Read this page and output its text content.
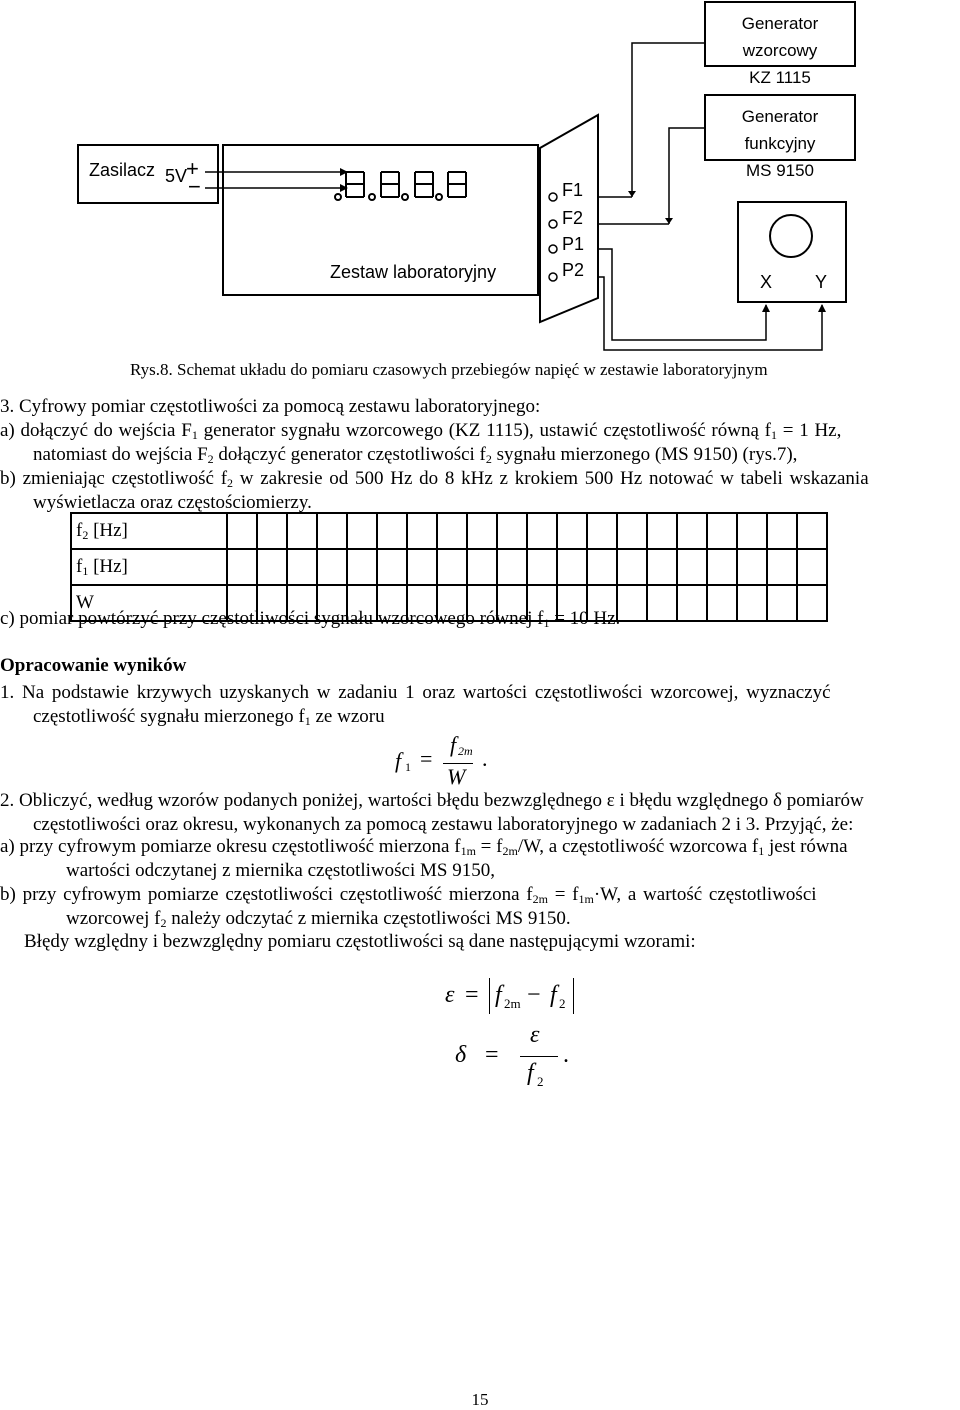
Zasilacz 5V
+
−
Zestaw laboratoryjny
F1
F2
P1
P2
Generator wzorcowy
KZ 1115
Generator funkcyjny
MS 9150
X Y
Rys.8. Schemat układu do pomiaru czasowych przebiegów napięć w zestawie laboratoryjnym
3. Cyfrowy pomiar częstotliwości za pomocą zestawu laboratoryjnego:
a) dołączyć do wejścia $F_1$ generator sygnału wzorcowego (KZ 1115), ustawić częstotliwość równą $f_1 = 1$ Hz,
natomiast do wejścia $F_2$ dołączyć generator częstotliwości $f_2$ sygnału mierzonego (MS 9150) (rys.7),
b) zmieniając częstotliwość $f_2$ w zakresie od 500 Hz do 8 kHz z krokiem 500 Hz notować w tabeli wskazania
wyświetlacza oraz częstościomierzy.
$f_2$ [Hz]																				
$f_1$ [Hz]																				
W																				
c) pomiar powtórzyć przy częstotliwości sygnału wzorcowego równej $f_1 = 10$ Hz.
Opracowanie wyników
1. Na podstawie krzywych uzyskanych w zadaniu 1 oraz wartości częstotliwości wzorcowej, wyznaczyć
częstotliwość sygnału mierzonego $f_1$ ze wzoru
f 1 =
f 2m
W
.
2. Obliczyć, według wzorów podanych poniżej, wartości błędu bezwzględnego ε i błędu względnego δ pomiarów
częstotliwości oraz okresu, wykonanych za pomocą zestawu laboratoryjnego w zadaniach 2 i 3. Przyjąć, że:
a) przy cyfrowym pomiarze okresu częstotliwość mierzona $f_{1m} = f_{2m}/W$, a częstotliwość wzorcowa $f_1$ jest równa
wartości odczytanej z miernika częstotliwości MS 9150,
b) przy cyfrowym pomiarze częstotliwości częstotliwość mierzona $f_{2m} = f_{1m}\cdot W$, a wartość częstotliwości
wzorcowej $f_2$ należy odczytać z miernika częstotliwości MS 9150.
Błędy względny i bezwzględny pomiaru częstotliwości są dane następującymi wzorami:
ε = f 2m − f 2
δ =
ε
f 2
.
15
